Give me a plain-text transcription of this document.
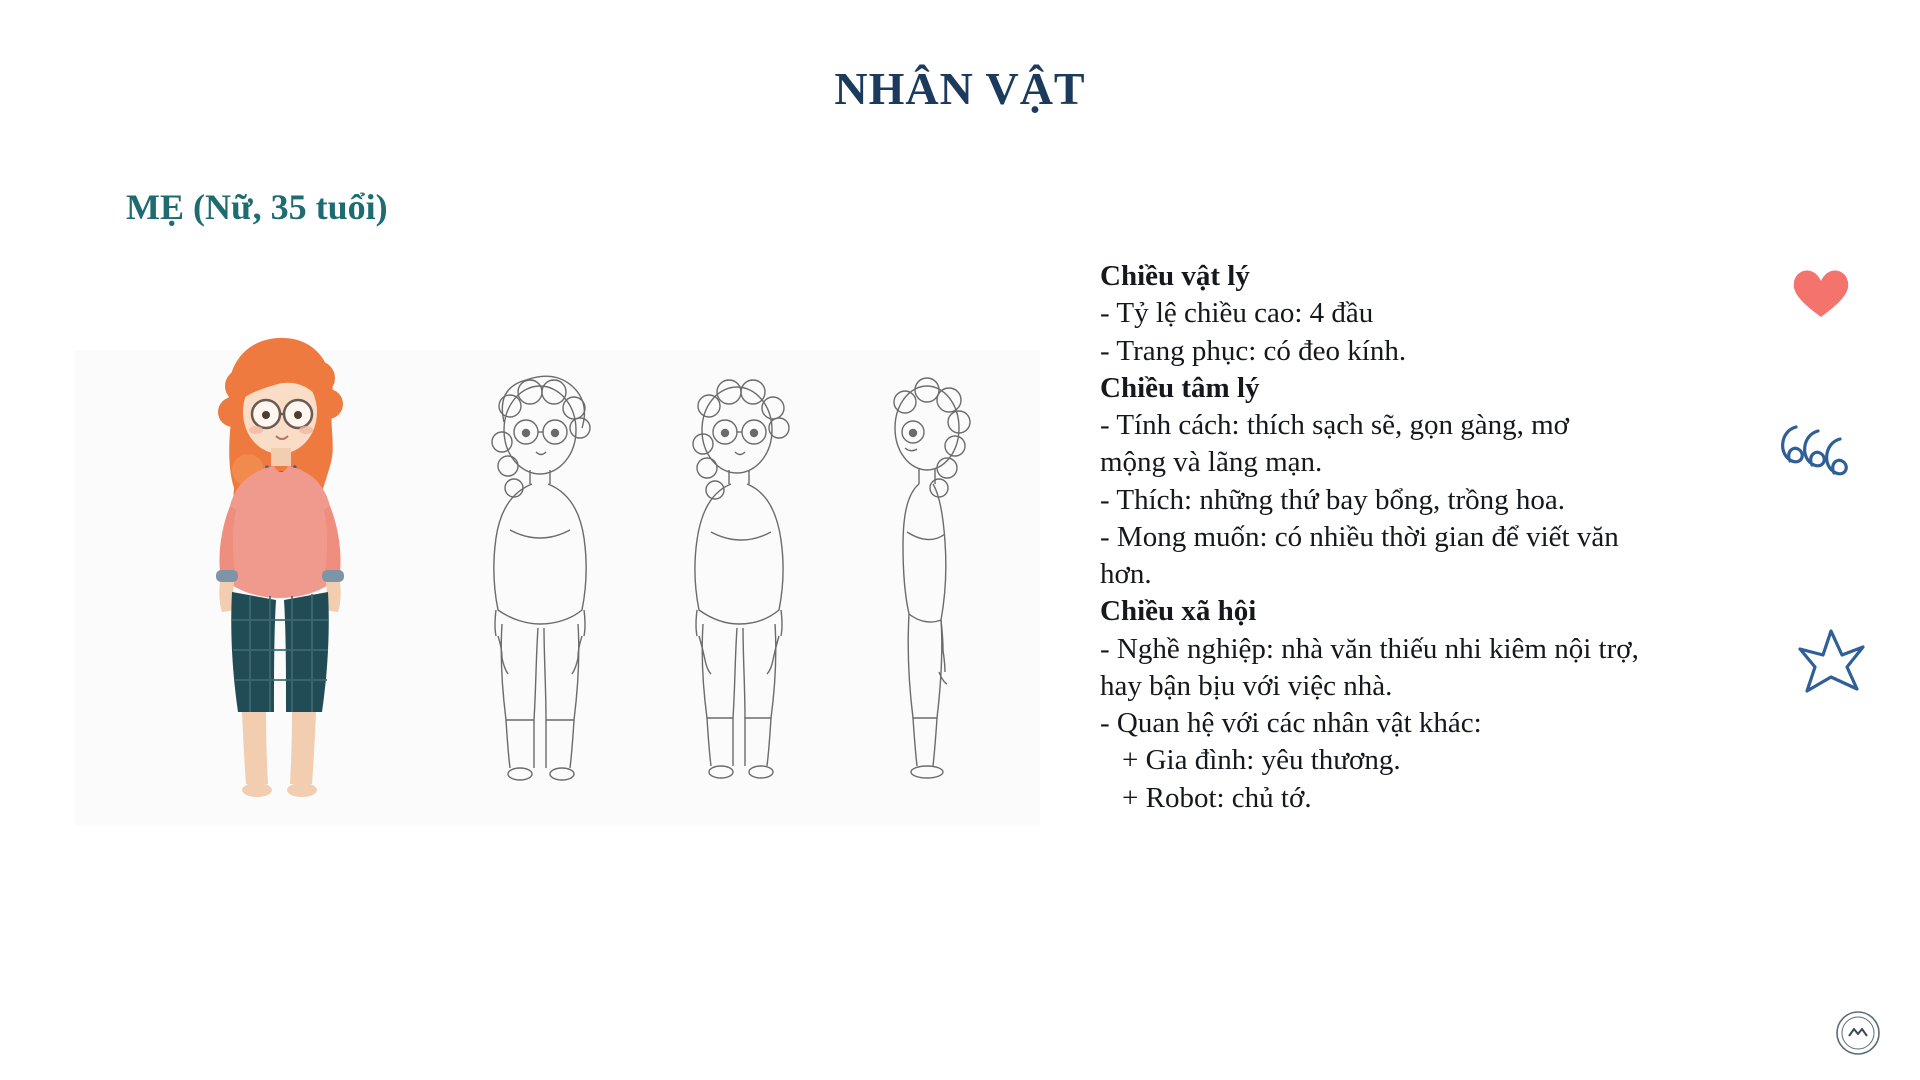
NHÂN VẬT
MẸ (Nữ, 35 tuổi)
Chiều vật lý
- Tỷ lệ chiều cao: 4 đầu
- Trang phục: có đeo kính.
Chiều tâm lý
- Tính cách: thích sạch sẽ, gọn gàng, mơ
mộng và lãng mạn.
- Thích: những thứ bay bổng, trồng hoa.
- Mong muốn: có nhiều thời gian để viết văn
hơn.
Chiều xã hội
- Nghề nghiệp: nhà văn thiếu nhi kiêm nội trợ,
hay bận bịu với việc nhà.
- Quan hệ với các nhân vật khác:
+ Gia đình: yêu thương.
+ Robot: chủ tớ.
